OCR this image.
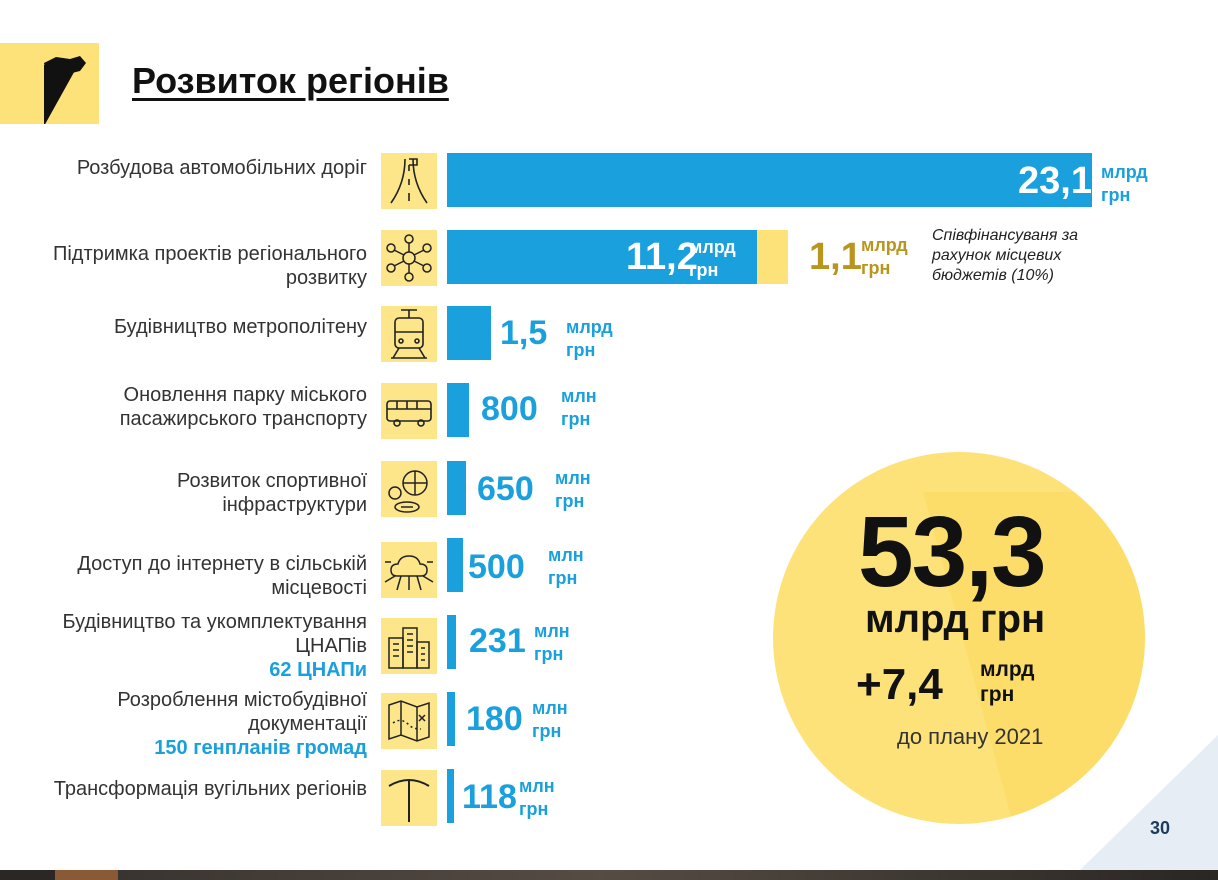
Розвиток регіонів
Розбудова автомобільних доріг
Підтримка проектів регіонального розвитку
Будівництво метрополітену
Оновлення парку міського пасажирського транспорту
Розвиток спортивної інфраструктури
Доступ до інтернету в сільській місцевості
Будівництво та укомплектування ЦНАПів
62 ЦНАПи
Розроблення містобудівної документації
150 генпланів громад
Трансформація вугільних регіонів
23,1 млрд
грн
11,2
млрд
грн	1,1 млрд
грн
Співфінансуваня за рахунок місцевих бюджетів (10%)
1,5 млрд
грн
800 млн
грн
650 млн
грн
500 млн
грн
231 млн
грн
180 млн
грн
118 млн
грн
53,3
млрд грн
+7,4 млрд
грн
до плану 2021
30
